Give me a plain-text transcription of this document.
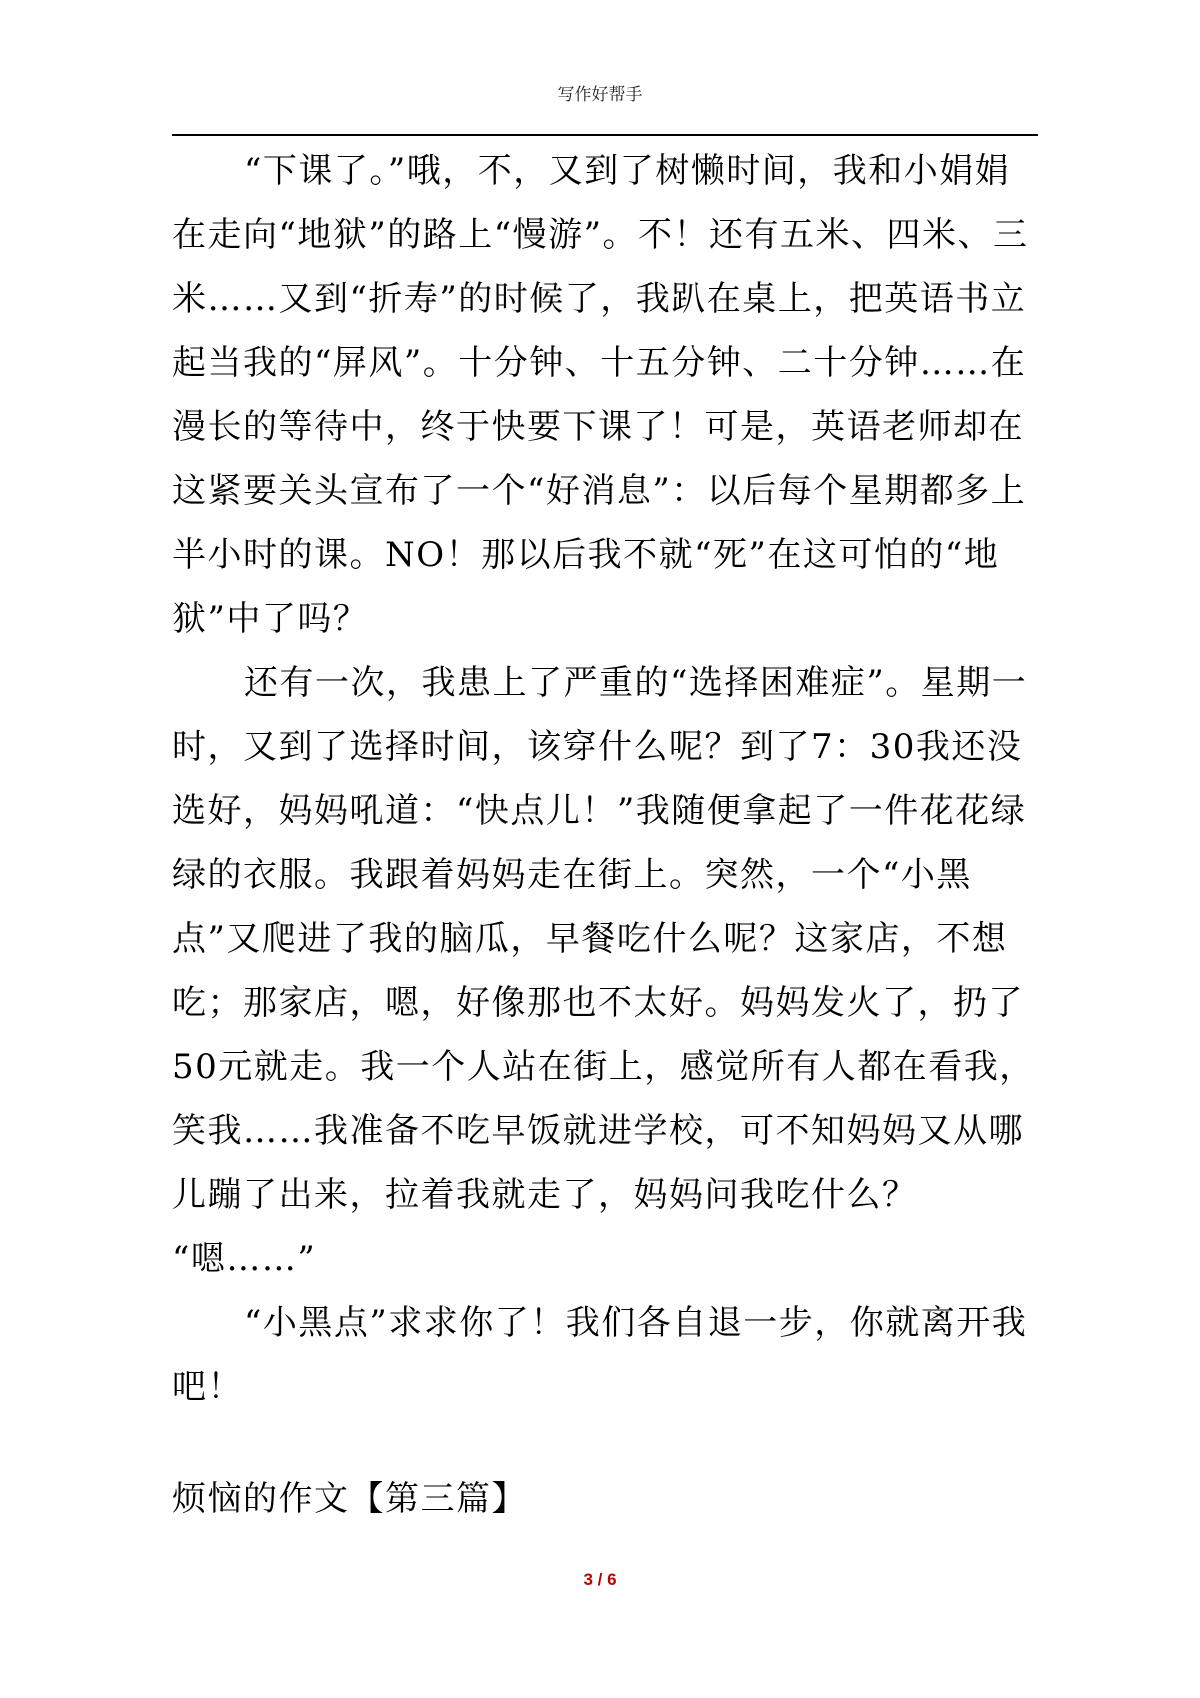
写作好帮手

“下课了。”哦，不，又到了树懒时间，我和小娟娟在走向“地狱”的路上“慢游”。不！还有五米、四米、三米……又到“折寿”的时候了，我趴在桌上，把英语书立起当我的“屏风”。十分钟、十五分钟、二十分钟……在漫长的等待中，终于快要下课了！可是，英语老师却在这紧要关头宣布了一个“好消息”：以后每个星期都多上半小时的课。NO！那以后我不就“死”在这可怕的“地狱”中了吗？

还有一次，我患上了严重的“选择困难症”。星期一时，又到了选择时间，该穿什么呢？到了7：30我还没选好，妈妈吼道：“快点儿！”我随便拿起了一件花花绿绿的衣服。我跟着妈妈走在街上。突然，一个“小黑点”又爬进了我的脑瓜，早餐吃什么呢？这家店，不想吃；那家店，嗯，好像那也不太好。妈妈发火了，扔了50元就走。我一个人站在街上，感觉所有人都在看我，笑我……我准备不吃早饭就进学校，可不知妈妈又从哪儿蹦了出来，拉着我就走了，妈妈问我吃什么？

“嗯……”

“小黑点”求求你了！我们各自退一步，你就离开我吧！

烦恼的作文【第三篇】
3 / 6
